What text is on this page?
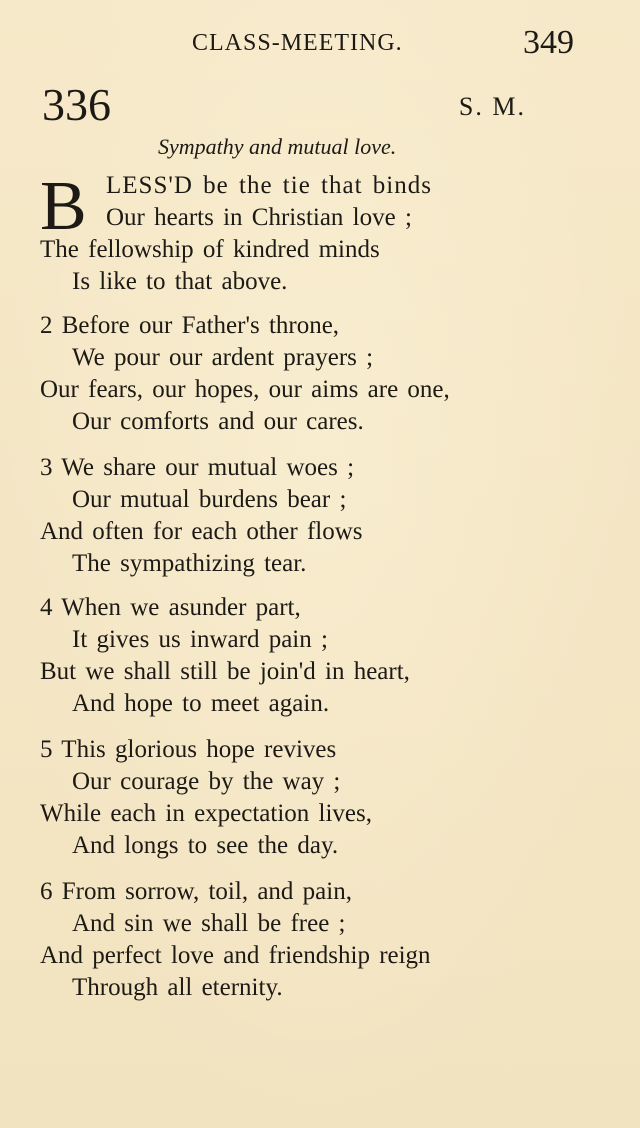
CLASS-MEETING.	349
336	S. M.
Sympathy and mutual love.
B LESS'D be the tie that binds
Our hearts in Christian love ;
The fellowship of kindred minds
Is like to that above.
2 Before our Father's throne,
We pour our ardent prayers ;
Our fears, our hopes, our aims are one,
Our comforts and our cares.
3 We share our mutual woes ;
Our mutual burdens bear ;
And often for each other flows
The sympathizing tear.
4 When we asunder part,
It gives us inward pain ;
But we shall still be join'd in heart,
And hope to meet again.
5 This glorious hope revives
Our courage by the way ;
While each in expectation lives,
And longs to see the day.
6 From sorrow, toil, and pain,
And sin we shall be free ;
And perfect love and friendship reign
Through all eternity.
